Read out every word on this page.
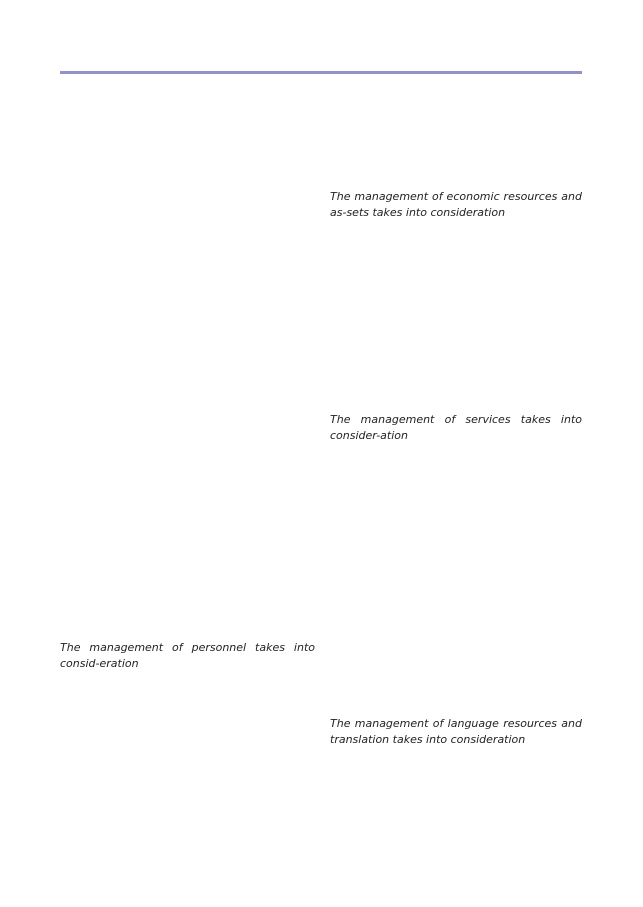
The management of economic resources and as-sets takes into consideration

The management of services takes into consider-ation

The management of personnel takes into consid-eration

The management of language resources and translation takes into consideration
